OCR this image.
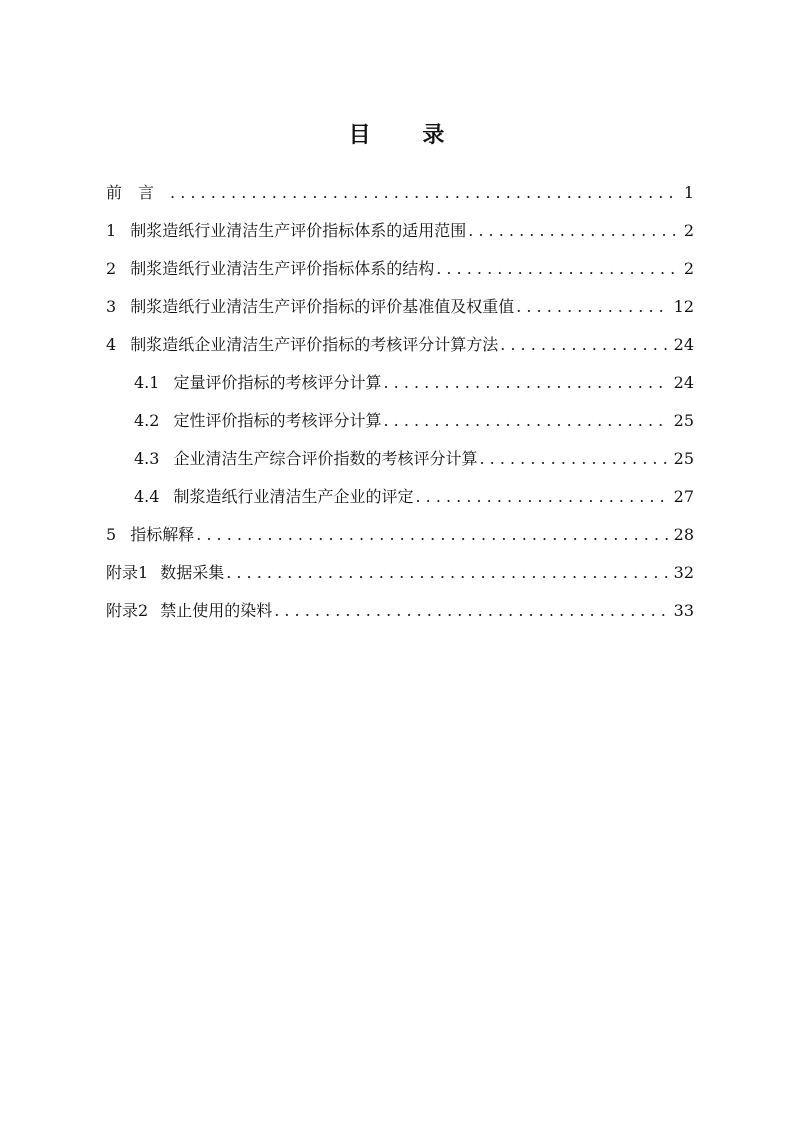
目 录
前　言 . . .	1
1 制浆造纸行业清洁生产评价指标体系的适用范围 . . .	2
2 制浆造纸行业清洁生产评价指标体系的结构 . . .	2
3 制浆造纸行业清洁生产评价指标的评价基准值及权重值 . . .	12
4 制浆造纸企业清洁生产评价指标的考核评分计算方法 . . .	24
4.1 定量评价指标的考核评分计算 . . .	24
4.2 定性评价指标的考核评分计算 . . .	25
4.3 企业清洁生产综合评价指数的考核评分计算 . . .	25
4.4 制浆造纸行业清洁生产企业的评定 . . .	27
5 指标解释 . . .	28
附录1 数据采集 . . .	32
附录2 禁止使用的染料 . . .	33
